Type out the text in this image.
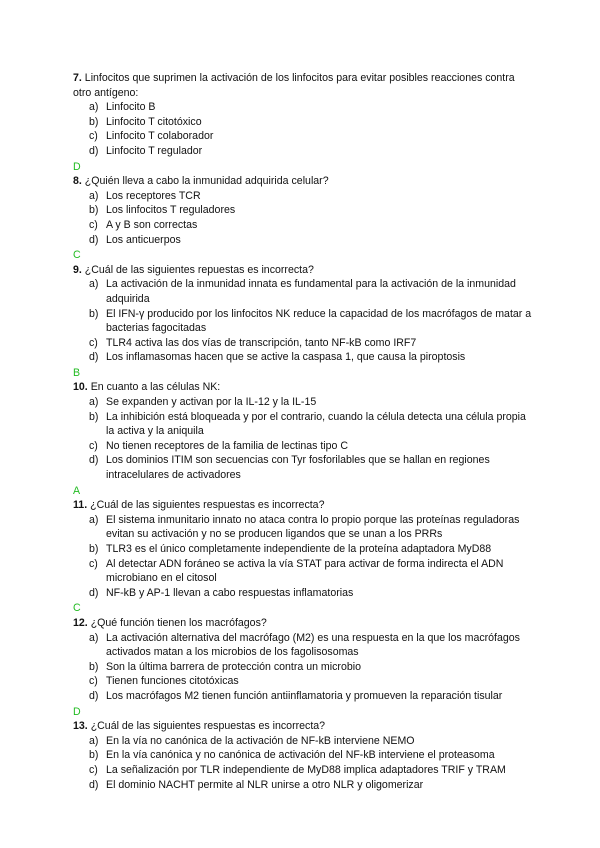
7. Linfocitos que suprimen la activación de los linfocitos para evitar posibles reacciones contra otro antígeno:
a) Linfocito B
b) Linfocito T citotóxico
c) Linfocito T colaborador
d) Linfocito T regulador
D
8. ¿Quién lleva a cabo la inmunidad adquirida celular?
a) Los receptores TCR
b) Los linfocitos T reguladores
c) A y B son correctas
d) Los anticuerpos
C
9. ¿Cuál de las siguientes repuestas es incorrecta?
a) La activación de la inmunidad innata es fundamental para la activación de la inmunidad adquirida
b) El IFN-γ producido por los linfocitos NK reduce la capacidad de los macrófagos de matar a bacterias fagocitadas
c) TLR4 activa las dos vías de transcripción, tanto NF-kB como IRF7
d) Los inflamasomas hacen que se active la caspasa 1, que causa la piroptosis
B
10. En cuanto a las células NK:
a) Se expanden y activan por la IL-12 y la IL-15
b) La inhibición está bloqueada y por el contrario, cuando la célula detecta una célula propia la activa y la aniquila
c) No tienen receptores de la familia de lectinas tipo C
d) Los dominios ITIM son secuencias con Tyr fosforilables que se hallan en regiones intracelulares de activadores
A
11. ¿Cuál de las siguientes respuestas es incorrecta?
a) El sistema inmunitario innato no ataca contra lo propio porque las proteínas reguladoras evitan su activación y no se producen ligandos que se unan a los PRRs
b) TLR3 es el único completamente independiente de la proteína adaptadora MyD88
c) Al detectar ADN foráneo se activa la vía STAT para activar de forma indirecta el ADN microbiano en el citosol
d) NF-kB y AP-1 llevan a cabo respuestas inflamatorias
C
12. ¿Qué función tienen los macrófagos?
a) La activación alternativa del macrófago (M2) es una respuesta en la que los macrófagos activados matan a los microbios de los fagolisosomas
b) Son la última barrera de protección contra un microbio
c) Tienen funciones citotóxicas
d) Los macrófagos M2 tienen función antiinflamatoria y promueven la reparación tisular
D
13. ¿Cuál de las siguientes respuestas es incorrecta?
a) En la vía no canónica de la activación de NF-kB interviene NEMO
b) En la vía canónica y no canónica de activación del NF-kB interviene el proteasoma
c) La señalización por TLR independiente de MyD88 implica adaptadores TRIF y TRAM
d) El dominio NACHT permite al NLR unirse a otro NLR y oligomerizar
